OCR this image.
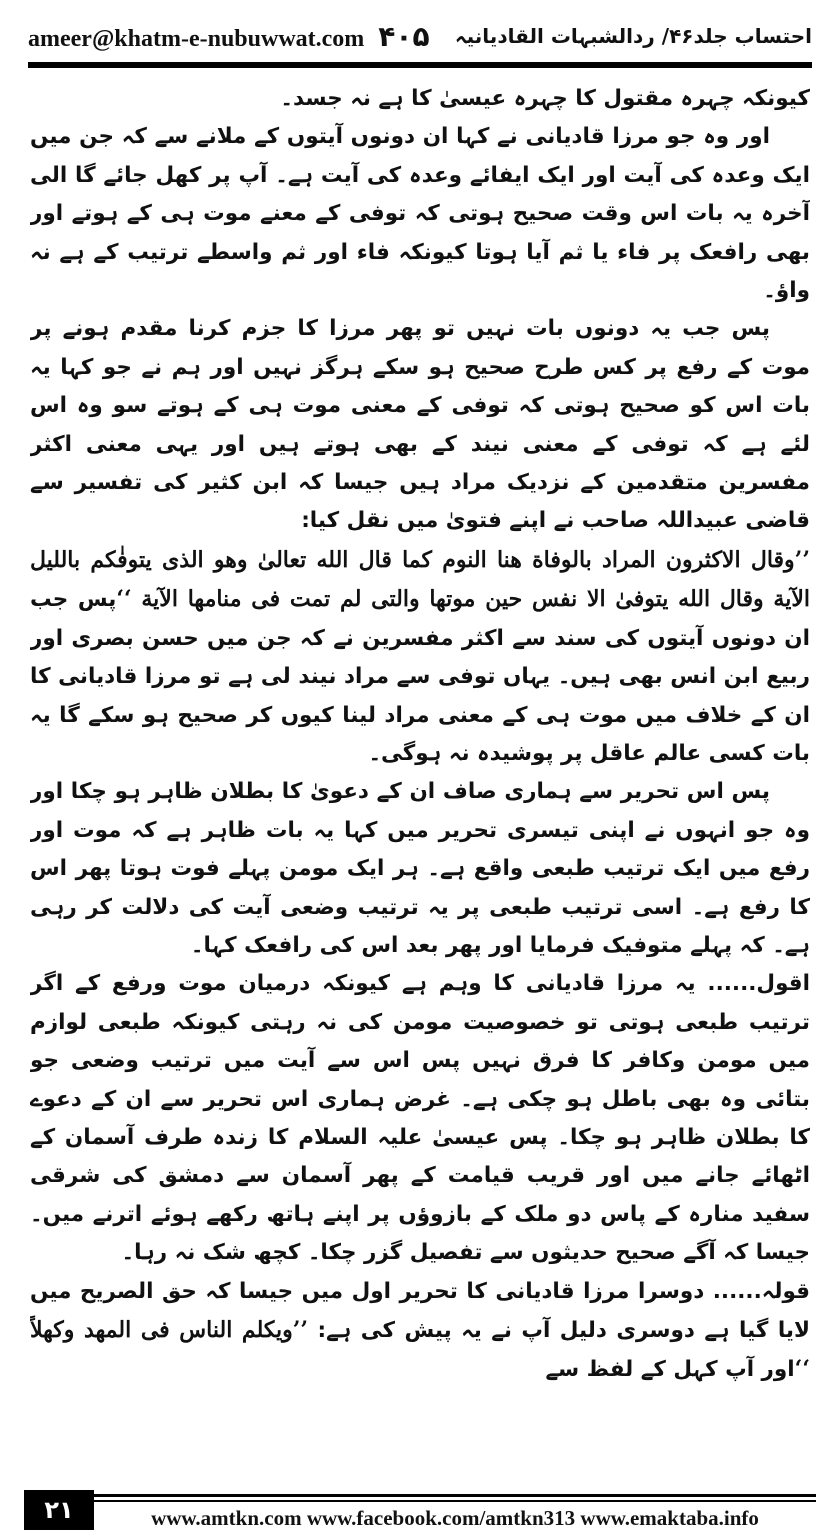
ameer@khatm-e-nubuwwat.com ۴۰۵ احتساب جلد۴۶/ ردالشبہات القادیانیہ

کیونکہ چہرہ مقتول کا چہرہ عیسیٰ کا ہے نہ جسد۔

اور وہ جو مرزا قادیانی نے کہا ان دونوں آیتوں کے ملانے سے کہ جن میں ایک وعدہ کی آیت اور ایک ایفائے وعدہ کی آیت ہے۔ آپ پر کھل جائے گا الی آخرہ یہ بات اس وقت صحیح ہوتی کہ توفی کے معنے موت ہی کے ہوتے اور بھی رافعک پر فاء یا ثم آیا ہوتا کیونکہ فاء اور ثم واسطے ترتیب کے ہے نہ واؤ۔

پس جب یہ دونوں بات نہیں تو پھر مرزا کا جزم کرنا مقدم ہونے پر موت کے رفع پر کس طرح صحیح ہو سکے ہرگز نہیں اور ہم نے جو کہا یہ بات اس کو صحیح ہوتی کہ توفی کے معنی موت ہی کے ہوتے سو وہ اس لئے ہے کہ توفی کے معنی نیند کے بھی ہوتے ہیں اور یہی معنی اکثر مفسرین متقدمین کے نزدیک مراد ہیں جیسا کہ ابن کثیر کی تفسیر سے قاضی عبیداللہ صاحب نے اپنے فتویٰ میں نقل کیا:

’’وقال الاکثرون المراد بالوفاة هنا النوم کما قال الله تعالیٰ وهو الذی یتوفٰکم بالليل الآیة وقال الله یتوفیٰ الا نفس حین موتها والتی لم تمت فی منامها الآیة ‘‘پس جب ان دونوں آیتوں کی سند سے اکثر مفسرین نے کہ جن میں حسن بصری اور ربیع ابن انس بھی ہیں۔ یہاں توفی سے مراد نیند لی ہے تو مرزا قادیانی کا ان کے خلاف میں موت ہی کے معنی مراد لینا کیوں کر صحیح ہو سکے گا یہ بات کسی عالم عاقل پر پوشیدہ نہ ہوگی۔

پس اس تحریر سے ہماری صاف ان کے دعویٰ کا بطلان ظاہر ہو چکا اور وہ جو انہوں نے اپنی تیسری تحریر میں کہا یہ بات ظاہر ہے کہ موت اور رفع میں ایک ترتیب طبعی واقع ہے۔ ہر ایک مومن پہلے فوت ہوتا پھر اس کا رفع ہے۔ اسی ترتیب طبعی پر یہ ترتیب وضعی آیت کی دلالت کر رہی ہے۔ کہ پہلے متوفیک فرمایا اور پھر بعد اس کی رافعک کہا۔

اقول...... یہ مرزا قادیانی کا وہم ہے کیونکہ درمیان موت ورفع کے اگر ترتیب طبعی ہوتی تو خصوصیت مومن کی نہ رہتی کیونکہ طبعی لوازم میں مومن وکافر کا فرق نہیں پس اس سے آیت میں ترتیب وضعی جو بتائی وہ بھی باطل ہو چکی ہے۔ غرض ہماری اس تحریر سے ان کے دعوے کا بطلان ظاہر ہو چکا۔ پس عیسیٰ علیہ السلام کا زندہ طرف آسمان کے اٹھائے جانے میں اور قریب قیامت کے پھر آسمان سے دمشق کی شرقی سفید منارہ کے پاس دو ملک کے بازوؤں پر اپنے ہاتھ رکھے ہوئے اترنے میں۔ جیسا کہ آگے صحیح حدیثوں سے تفصیل گزر چکا۔ کچھ شک نہ رہا۔

قولہ...... دوسرا مرزا قادیانی کا تحریر اول میں جیسا کہ حق الصریح میں لایا گیا ہے دوسری دلیل آپ نے یہ پیش کی ہے: ’’ویکلم الناس فی المهد وکهلاً ‘‘اور آپ کہل کے لفظ سے

۲۱	www.amtkn.com www.facebook.com/amtkn313 www.emaktaba.info
